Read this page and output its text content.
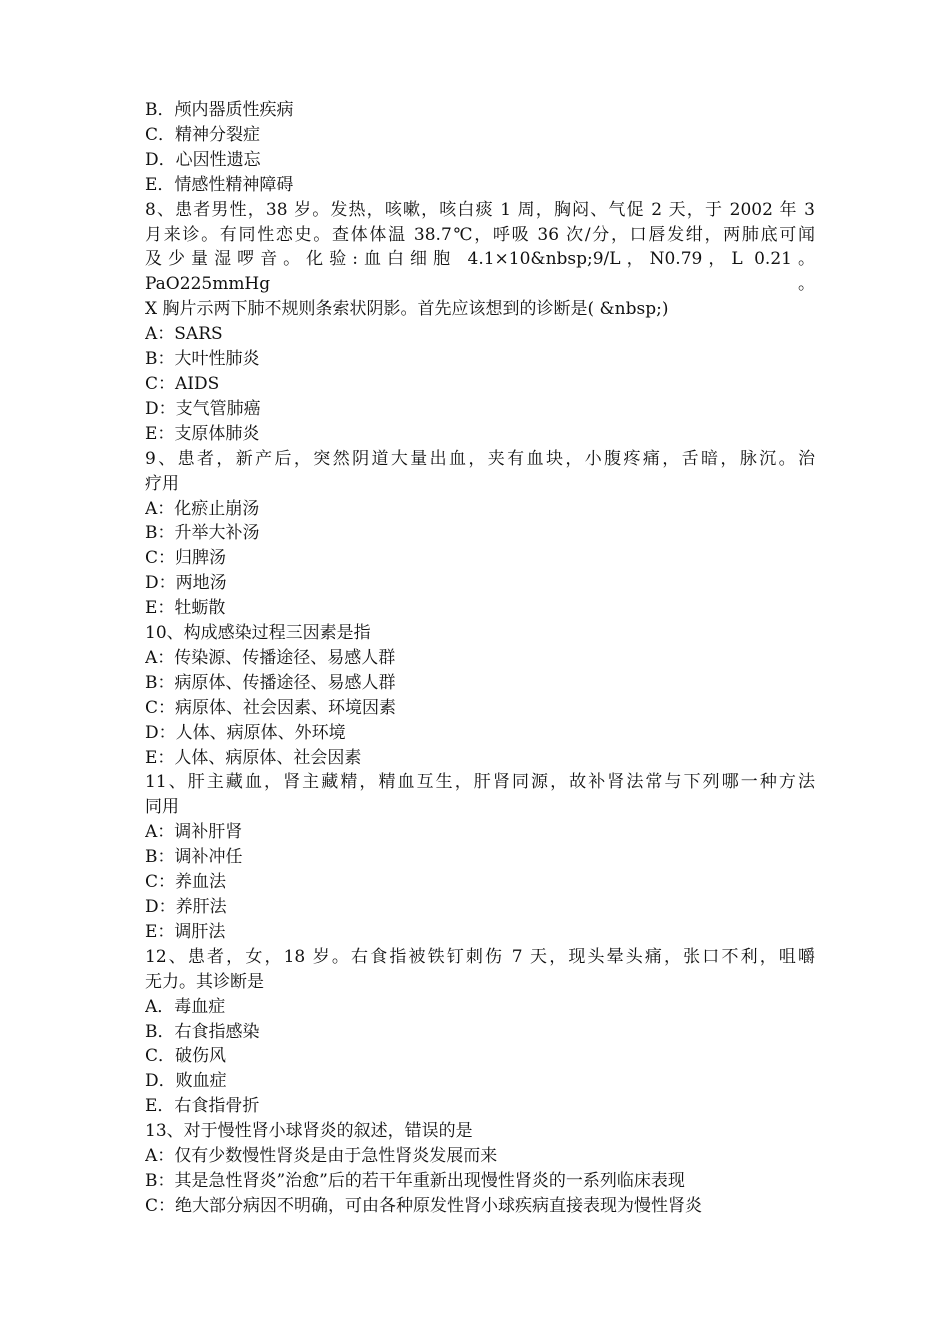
B．颅内器质性疾病

C．精神分裂症

D．心因性遗忘

E．情感性精神障碍

8、患者男性，38 岁。发热，咳嗽，咳白痰 1 周，胸闷、气促 2 天，于 2002 年 3

月来诊。有同性恋史。查体体温 38.7℃，呼吸 36 次/分，口唇发绀，两肺底可闻

及少量湿啰音。化验:血白细胞 4.1×10&nbsp;9/L，N0.79，L 0.21。PaO225mmHg。

X 胸片示两下肺不规则条索状阴影。首先应该想到的诊断是( &nbsp;)

A：SARS

B：大叶性肺炎

C：AIDS

D：支气管肺癌

E：支原体肺炎

9、患者，新产后，突然阴道大量出血，夹有血块，小腹疼痛，舌暗，脉沉。治

疗用

A：化瘀止崩汤

B：升举大补汤

C：归脾汤

D：两地汤

E：牡蛎散

10、构成感染过程三因素是指

A：传染源、传播途径、易感人群

B：病原体、传播途径、易感人群

C：病原体、社会因素、环境因素

D：人体、病原体、外环境

E：人体、病原体、社会因素

11、肝主藏血，肾主藏精，精血互生，肝肾同源，故补肾法常与下列哪一种方法

同用

A：调补肝肾

B：调补冲任

C：养血法

D：养肝法

E：调肝法

12、患者，女，18 岁。右食指被铁钉刺伤 7 天，现头晕头痛，张口不利，咀嚼

无力。其诊断是

A．毒血症

B．右食指感染

C．破伤风

D．败血症

E．右食指骨折

13、对于慢性肾小球肾炎的叙述，错误的是

A：仅有少数慢性肾炎是由于急性肾炎发展而来

B：其是急性肾炎”治愈”后的若干年重新出现慢性肾炎的一系列临床表现

C：绝大部分病因不明确，可由各种原发性肾小球疾病直接表现为慢性肾炎
